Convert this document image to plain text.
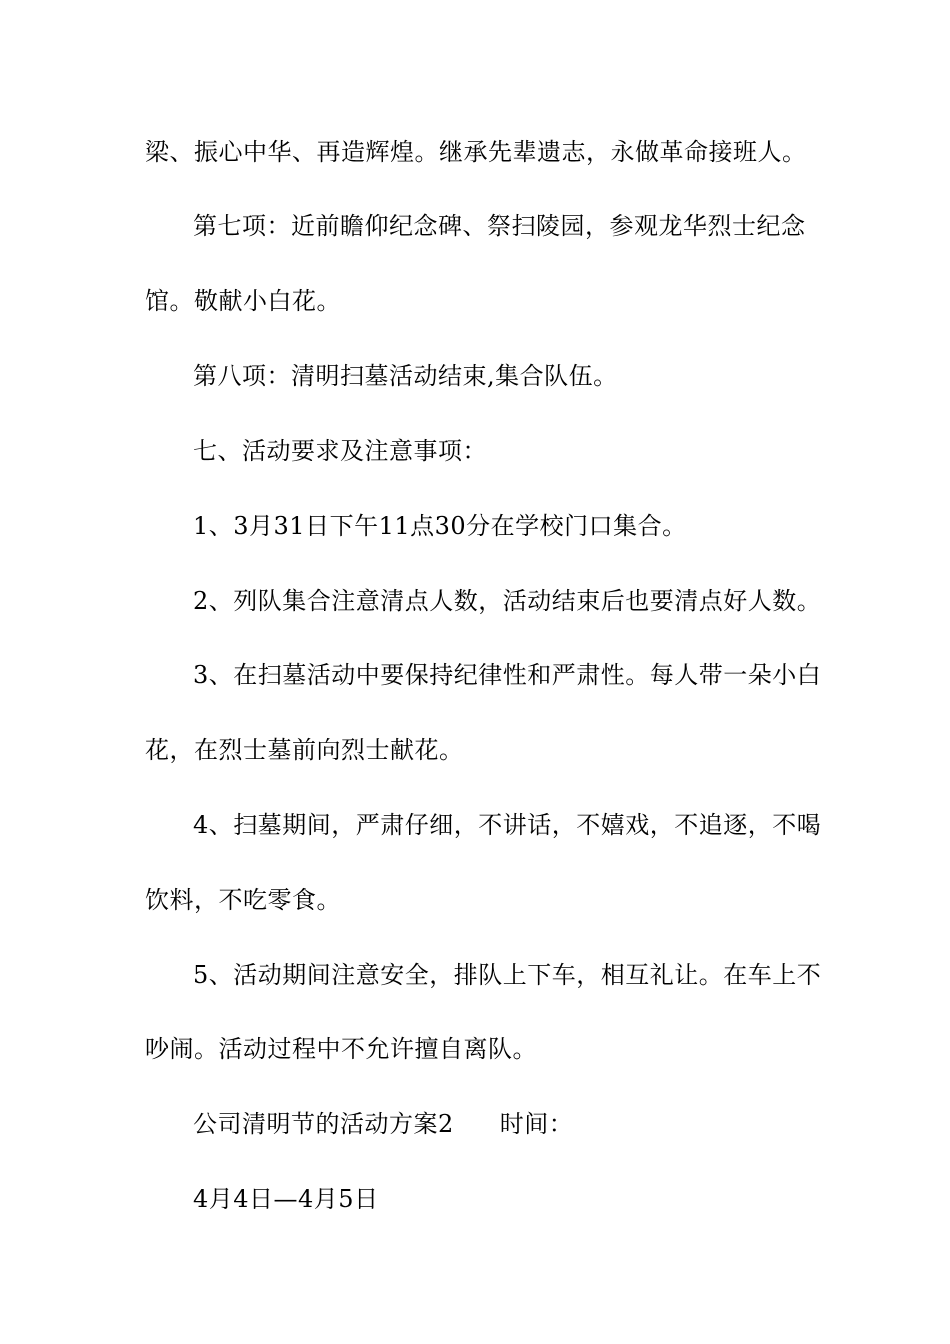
梁、振心中华、再造辉煌。继承先辈遗志，永做革命接班人。
第七项：近前瞻仰纪念碑、祭扫陵园，参观龙华烈士纪念
馆。敬献小白花。
第八项：清明扫墓活动结束,集合队伍。
七、活动要求及注意事项：
1、3月31日下午11点30分在学校门口集合。
2、列队集合注意清点人数，活动结束后也要清点好人数。
3、在扫墓活动中要保持纪律性和严肃性。每人带一朵小白
花，在烈士墓前向烈士献花。
4、扫墓期间，严肃仔细，不讲话，不嬉戏，不追逐，不喝
饮料，不吃零食。
5、活动期间注意安全，排队上下车，相互礼让。在车上不
吵闹。活动过程中不允许擅自离队。
公司清明节的活动方案2 时间：
4月4日—4月5日
